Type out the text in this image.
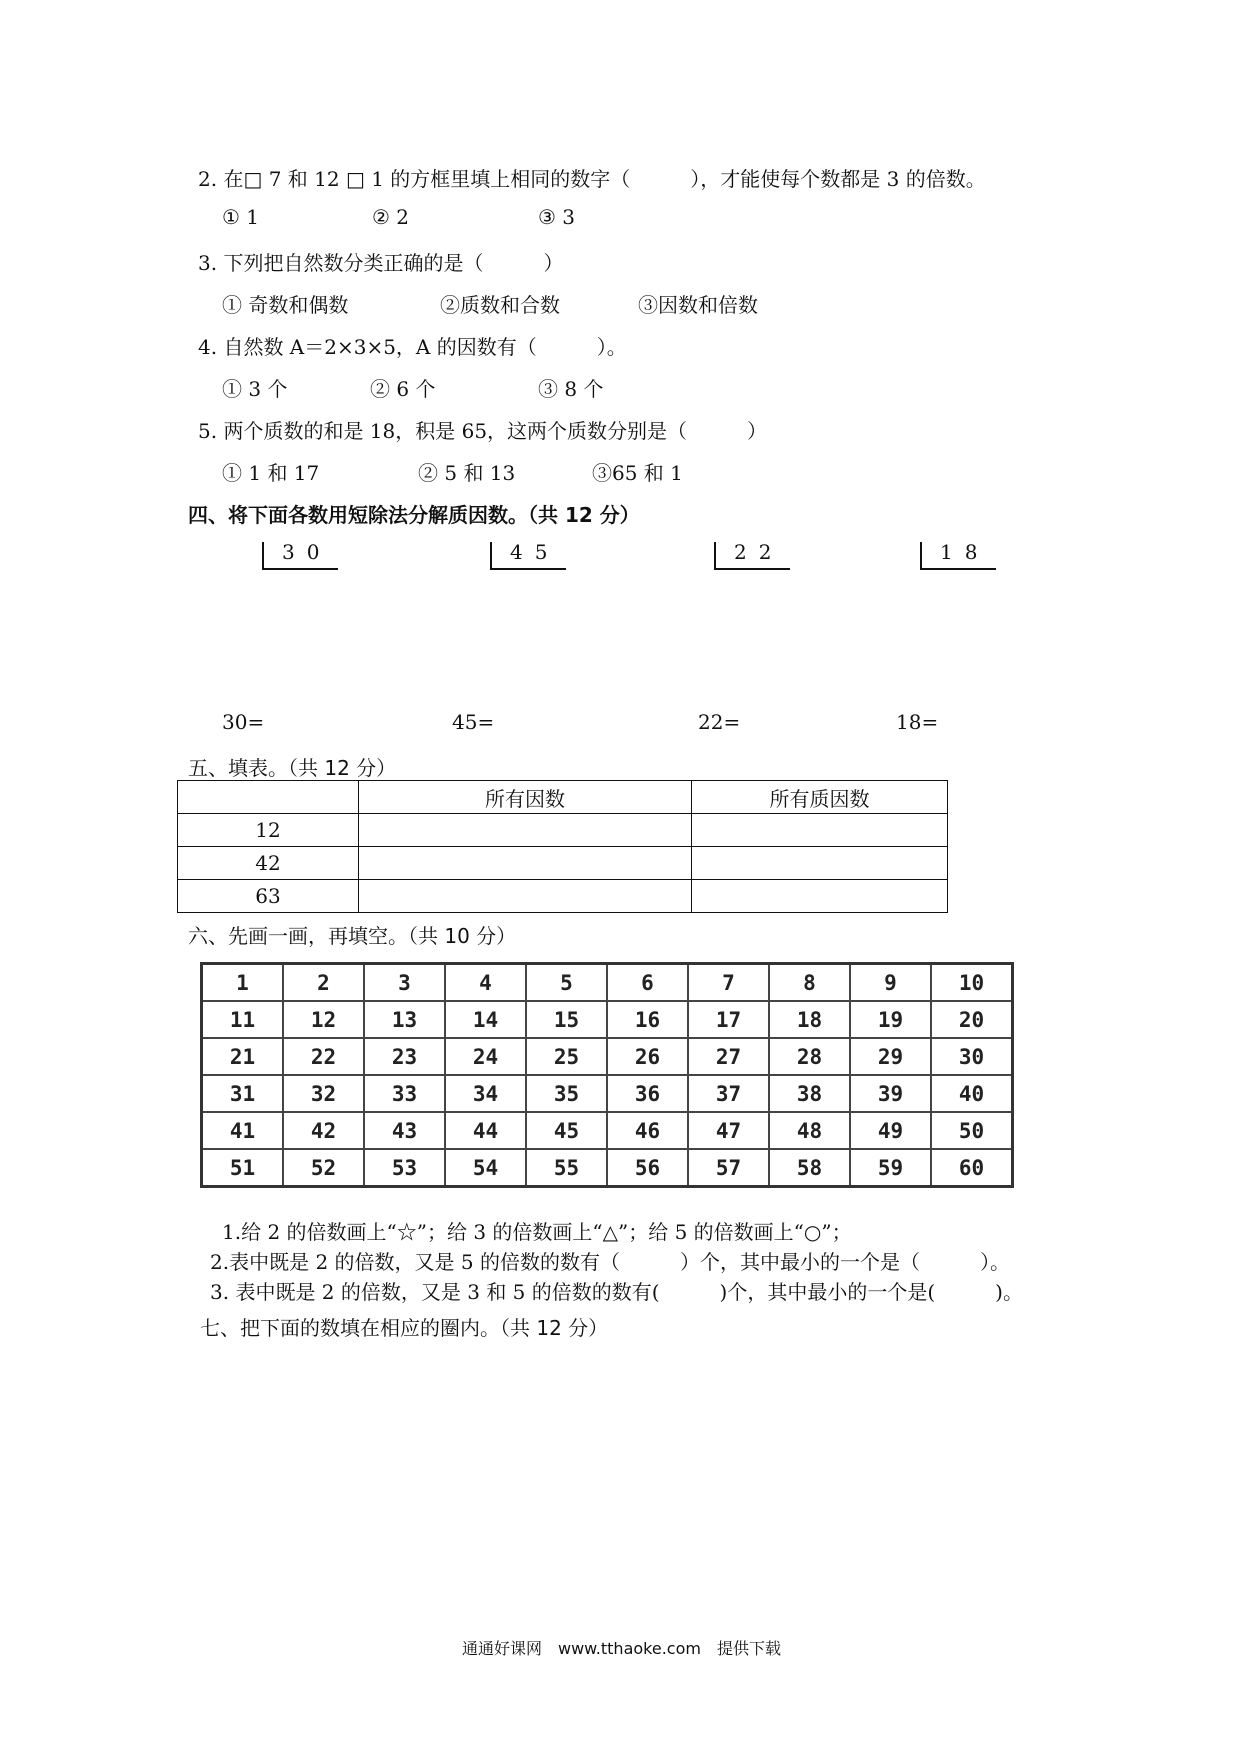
2. 在□ 7 和 12 □ 1 的方框里填上相同的数字（　　　），才能使每个数都是 3 的倍数。
① 1	② 2	③ 3
3. 下列把自然数分类正确的是（　　　）
① 奇数和偶数	②质数和合数	③因数和倍数
4. 自然数 A＝2×3×5，A 的因数有（　　　）。
① 3 个	② 6 个	③ 8 个
5. 两个质数的和是 18，积是 65，这两个质数分别是（　　　）
① 1 和 17	② 5 和 13	③65 和 1
四、将下面各数用短除法分解质因数。（共 12 分）
30	45	22	18
30=	45=	22=	18=
五、填表。（共 12 分）
	所有因数	所有质因数
12		
42		
63		
六、先画一画，再填空。（共 10 分）
1	2	3	4	5	6	7	8	9	10
11	12	13	14	15	16	17	18	19	20
21	22	23	24	25	26	27	28	29	30
31	32	33	34	35	36	37	38	39	40
41	42	43	44	45	46	47	48	49	50
51	52	53	54	55	56	57	58	59	60
1.给 2 的倍数画上“☆”；给 3 的倍数画上“△”；给 5 的倍数画上“○”；
2.表中既是 2 的倍数，又是 5 的倍数的数有（　　　）个，其中最小的一个是（　　　）。
3. 表中既是 2 的倍数，又是 3 和 5 的倍数的数有(　　　)个，其中最小的一个是(　　　)。
七、把下面的数填在相应的圈内。（共 12 分）
通通好课网　www.tthaoke.com　提供下载
